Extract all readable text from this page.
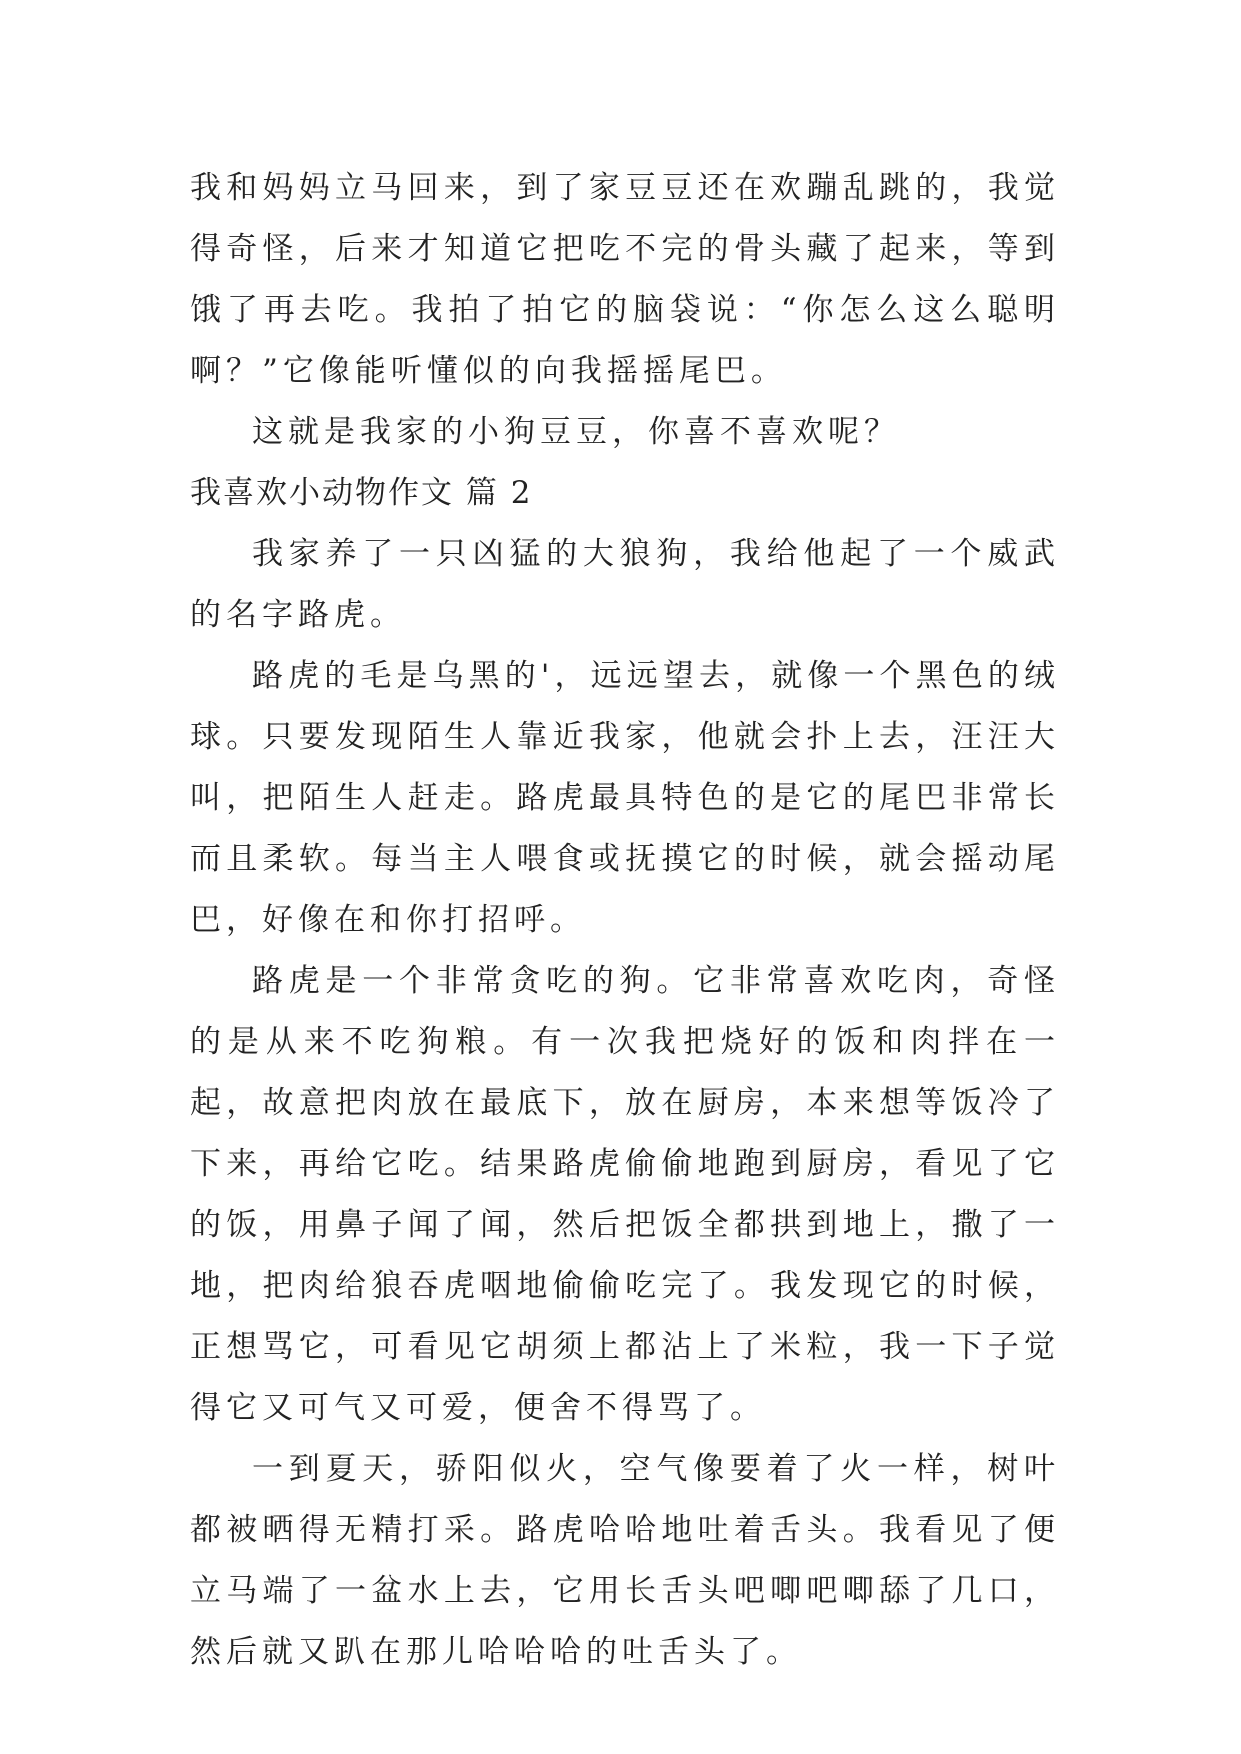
我和妈妈立马回来，到了家豆豆还在欢蹦乱跳的，我觉得奇怪，后来才知道它把吃不完的骨头藏了起来，等到饿了再去吃。我拍了拍它的脑袋说：“你怎么这么聪明啊？”它像能听懂似的向我摇摇尾巴。

这就是我家的小狗豆豆，你喜不喜欢呢？

我喜欢小动物作文 篇 2

我家养了一只凶猛的大狼狗，我给他起了一个威武的名字路虎。

路虎的毛是乌黑的'，远远望去，就像一个黑色的绒球。只要发现陌生人靠近我家，他就会扑上去，汪汪大叫，把陌生人赶走。路虎最具特色的是它的尾巴非常长而且柔软。每当主人喂食或抚摸它的时候，就会摇动尾巴，好像在和你打招呼。

路虎是一个非常贪吃的狗。它非常喜欢吃肉，奇怪的是从来不吃狗粮。有一次我把烧好的饭和肉拌在一起，故意把肉放在最底下，放在厨房，本来想等饭冷了下来，再给它吃。结果路虎偷偷地跑到厨房，看见了它的饭，用鼻子闻了闻，然后把饭全都拱到地上，撒了一地，把肉给狼吞虎咽地偷偷吃完了。我发现它的时候，正想骂它，可看见它胡须上都沾上了米粒，我一下子觉得它又可气又可爱，便舍不得骂了。

一到夏天，骄阳似火，空气像要着了火一样，树叶都被晒得无精打采。路虎哈哈地吐着舌头。我看见了便立马端了一盆水上去，它用长舌头吧唧吧唧舔了几口，然后就又趴在那儿哈哈哈的吐舌头了。
